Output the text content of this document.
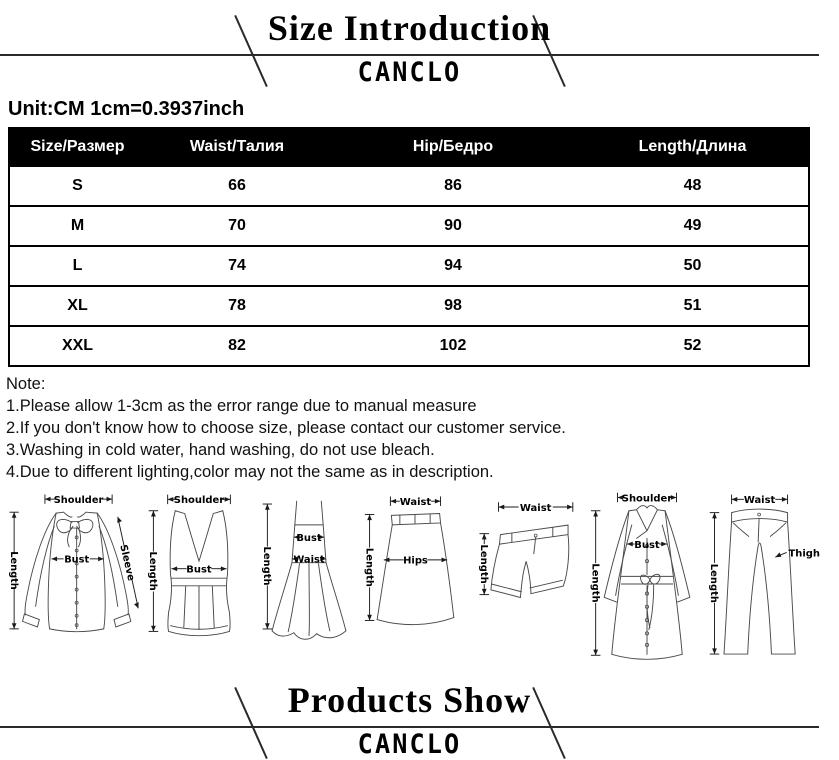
Size Introduction
CANCLO
Unit:CM 1cm=0.3937inch
Size/Размер	Waist/Талия	Hip/Бедро	Length/Длина
S	66	86	48
M	70	90	49
L	74	94	50
XL	78	98	51
XXL	82	102	52
Note:
1.Please allow 1-3cm as the error range due to manual measure
2.If you don't know how to choose size, please contact our customer service.
3.Washing in cold water, hand washing, do not use bleach.
4.Due to different lighting,color may not the same as in description.
Shoulder
Length	Bust	Sleeve
Shoulder
Bust
Length
Bust
Waist
Length
Waist
Hips
Length
Waist
Length
Shoulder
Bust
Length
Waist
Thigh
Length
Products Show
CANCLO
